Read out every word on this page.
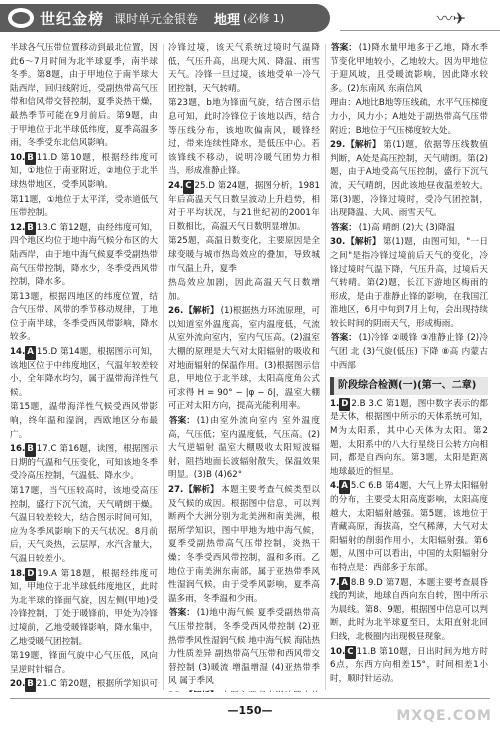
世纪金榜 课时单元金银卷 地理 (必修 1)	〰✈
半球各气压带位置移动到最北位置，因此6～7月时间为北半球夏季，南半球冬季。第8题，由于甲地位于南半球大陆西岸，回归线附近，受副热带高气压带和信风带交替控制，夏季炎热干燥，最热季节可能在9月前后。第9题，由于甲地位于北半球低纬度，夏季高温多雨，冬季受东北信风影响。
10. B 11.D 第10题，根据经纬度可知，①地位于南亚附近，②地位于北半球热带地区，受季风影响。
第11题，①地位于太平洋，受赤道低气压带控制。
12. B 13.C 第12题，由经纬度可知，四个地区均位于地中海气候分布区的大陆西岸，由于地中海气候夏季受副热带高气压带控制，降水少，冬季受西风带控制，降水多。
第13题，根据四地区的纬度位置，结合气压带、风带的季节移动规律，丁地位于南半球，冬季受西风带影响，降水较多。
14. A 15.D 第14题，根据图示可知，该地区位于中纬度地区，气温年较差较小，全年降水均匀，属于温带海洋性气候。
第15题，温带海洋性气候受西风带影响，终年温和湿润，西欧地区分布最广。
16. B 17.C 第16题，读图，根据图示日期的气温和气压变化，可知该地冬季受冷高压控制，气温低、降水少。
第17题，当气压较高时，该地受高压控制，盛行下沉气流，天气晴朗干燥。气温日较差较大，结合图示时间可知，应为冬季风影响下的天气状况。8月前后，天气炎热，云层厚，水汽含量大，气温日较差小。
18. D 19.A 第18题，根据经纬度可知，甲地位于北半球低纬度地区，此时为北半球的锋面气旋，因左侧(甲地)受冷锋控制，丁处于暖锋前，甲处为冷锋过境前，乙地受暖锋影响，降水集中，乙地受暖气团控制。
第19题，锋面气旋中心气压低，风向呈逆时针辐合。
20. B 21.C 第20题，根据所学知识可
冷锋过境，该天气系统过境时气温降低，气压升高，出现大风、降温、雨雪天气。冷锋一旦过境，该地受单一冷气团控制，天气转晴。
第23题，b地为锋面气旋，结合图示信息可知，此时冷锋位于该地以西，结合等压线分布，该地吹偏南风，暖锋经过，带来连续性降水，是低压中心。若该锋线不移动，说明冷暖气团势力相当，形成准静止锋。
24. C 25.D 第24题，据图分析，1981年后高温天气日数呈波动上升趋势，相对于平均状况，与21世纪初的2001年日数相比，高温天气日数明显增加。
第25题，高温日数变化，主要原因是全球变暖与城市热岛效应的叠加，导致城市气温上升，夏季
热岛效应加剧，因此高温天气日数增加。
26.【解析】 (1)根据热力环流原理，可以知道室外温度高，室内温度低，气流从室外流向室内，室内气压高。(2)温室大棚的原理是大气对太阳辐射的吸收和对地面辐射的保温作用。(3)根据图示信息，甲地位于北半球，太阳高度角公式可求得 H = 90° − |φ − δ|，温室大棚可正对太阳方向，提高光能利用率。
答案： (1)由室外流向室内 室外温度高，气压低；室内温度低，气压高。(2)大气逆辐射 温室大棚吸收太阳短波辐射，阻挡地面长波辐射散失，保温效果明显。(3)B (4)62°
27.【解析】 本题主要考查气候类型以及气候的成因。根据图中信息，可以判断两个大洲分别为北美洲和南美洲，根据所学知识，图中甲地为地中海气候，夏季受副热带高气压带控制，炎热干燥；冬季受西风带控制，温和多雨。乙地位于南美洲东南部，属于亚热带季风性湿润气候，由于受季风影响，夏季高温多雨，冬季温和少雨。
答案： (1)地中海气候 夏季受副热带高气压带控制，冬季受西风带控制 (2)亚热带季风性湿润气候 地中海气候 海陆热力性质差异 副热带高气压带和西风带交替控制 (3)暖流 增温增湿 (4)亚热带季风 属于季风
答案： (1)降水量甲地多于乙地，降水季节变化甲地较小，乙地较大。因为甲地位于迎风坡，且受暖流影响，因此降水较多。(2)东南风 东南信风
理由：A地比B地等压线疏，水平气压梯度力小，风力小；A地处于副热带高气压带附近；B地位于气压梯度较大处。
29.【解析】 第(1)题，依据等压线数值判断，A处是高压控制，天气晴朗。第(2)题，由于A地受高气压控制，盛行下沉气流，天气晴朗，因此该地昼夜温差较大。第(3)题，冷锋过境时，受冷气团控制，出现降温、大风、雨雪天气。
答案： (1)高 晴朗 (2)大 (3)降温
30.【解析】 第(1)题，由图可知，"一日之间"是指冷锋过境前后天气的变化，冷锋过境时气温下降，气压升高，过境后天气转晴。第(2)题，长江下游地区梅雨的形成，是由于准静止锋的影响，在我国江淮地区，6月中旬到7月上旬，会出现持续较长时间的阴雨天气，形成梅雨。
答案： (1)冷锋 ②暖锋 ③准静止锋 (2)冷气团 北 (3)气旋(低压) 下降 ⑧高 内蒙古中西部
阶段综合检测(一)(第一、二章)
1. D 2.B 3.C 第1题，图中数字表示的都是天体，根据图中所示的天体系统可知，M为太阳系，其中心天体为太阳。第2题，太阳系中的八大行星绕日公转方向相同，都是自西向东。第3题，太阳是距离地球最近的恒星。
4. A 5.C 6.B 第4题，大气上界太阳辐射的分布，主要受太阳高度影响，太阳高度越大，太阳辐射越强。第5题，该地位于青藏高原，海拔高，空气稀薄，大气对太阳辐射的削弱作用小，太阳辐射强。第6题，从图中可以看出，中国的太阳辐射分布特点是：西部多于东部。
7. A 8.B 9.D 第7题，本题主要考查晨昏线的判读，地球自西向东自转，图中所示为晨线。第8、9题，根据图中信息可以判断，此时为北半球夏至日，太阳直射北回归线，北极圈内出现极昼现象。
10. C 11.B 第10题，日出时间为地方时6点，东西方向相差15°，时间相差1小时，顺时针运动。
—150—	MXQE.COM
